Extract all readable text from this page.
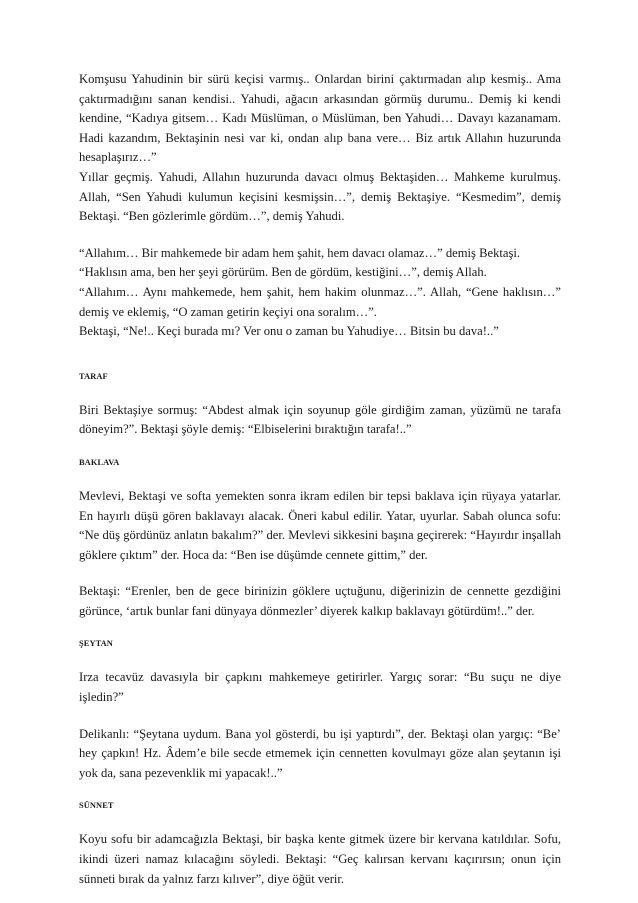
Komşusu Yahudinin bir sürü keçisi varmış.. Onlardan birini çaktırmadan alıp kesmiş.. Ama çaktırmadığını sanan kendisi.. Yahudi, ağacın arkasından görmüş durumu.. Demiş ki kendi kendine, “Kadıya gitsem… Kadı Müslüman, o Müslüman, ben Yahudi… Davayı kazanamam. Hadi kazandım, Bektaşinin nesi var ki, ondan alıp bana vere… Biz artık Allahın huzurunda hesaplaşırız…”

Yıllar geçmiş. Yahudi, Allahın huzurunda davacı olmuş Bektaşiden… Mahkeme kurulmuş. Allah, “Sen Yahudi kulumun keçisini kesmişsin…”, demiş Bektaşiye. “Kesmedim”, demiş Bektaşi. “Ben gözlerimle gördüm…”, demiş Yahudi.

“Allahım… Bir mahkemede bir adam hem şahit, hem davacı olamaz…” demiş Bektaşi.

“Haklısın ama, ben her şeyi görürüm. Ben de gördüm, kestiğini…”, demiş Allah.

“Allahım… Aynı mahkemede, hem şahit, hem hakim olunmaz…”. Allah, “Gene haklısın…” demiş ve eklemiş, “O zaman getirin keçiyi ona soralım…”.

Bektaşi, “Ne!.. Keçi burada mı? Ver onu o zaman bu Yahudiye… Bitsin bu dava!..”

TARAF

Biri Bektaşiye sormuş: “Abdest almak için soyunup göle girdiğim zaman, yüzümü ne tarafa döneyim?”. Bektaşi şöyle demiş: “Elbiselerini bıraktığın tarafa!..”

BAKLAVA

Mevlevi, Bektaşi ve softa yemekten sonra ikram edilen bir tepsi baklava için rüyaya yatarlar. En hayırlı düşü gören baklavayı alacak. Öneri kabul edilir. Yatar, uyurlar. Sabah olunca sofu: “Ne düş gördünüz anlatın bakalım?” der. Mevlevi sikkesini başına geçirerek: “Hayırdır inşallah göklere çıktım” der. Hoca da: “Ben ise düşümde cennete gittim,” der.

Bektaşi: “Erenler, ben de gece birinizin göklere uçtuğunu, diğerinizin de cennette gezdiğini görünce, ‘artık bunlar fani dünyaya dönmezler’ diyerek kalkıp baklavayı götürdüm!..” der.

ŞEYTAN

Irza tecavüz davasıyla bir çapkını mahkemeye getirirler. Yargıç sorar: “Bu suçu ne diye işledin?”

Delikanlı: “Şeytana uydum. Bana yol gösterdi, bu işi yaptırdı”, der. Bektaşi olan yargıç: “Be’ hey çapkın! Hz. Âdem’e bile secde etmemek için cennetten kovulmayı göze alan şeytanın işi yok da, sana pezevenklik mi yapacak!..”

SÜNNET

Koyu sofu bir adamcağızla Bektaşi, bir başka kente gitmek üzere bir kervana katıldılar. Sofu, ikindi üzeri namaz kılacağını söyledi. Bektaşi: “Geç kalırsan kervanı kaçırırsın; onun için sünneti bırak da yalnız farzı kılıver”, diye öğüt verir.
